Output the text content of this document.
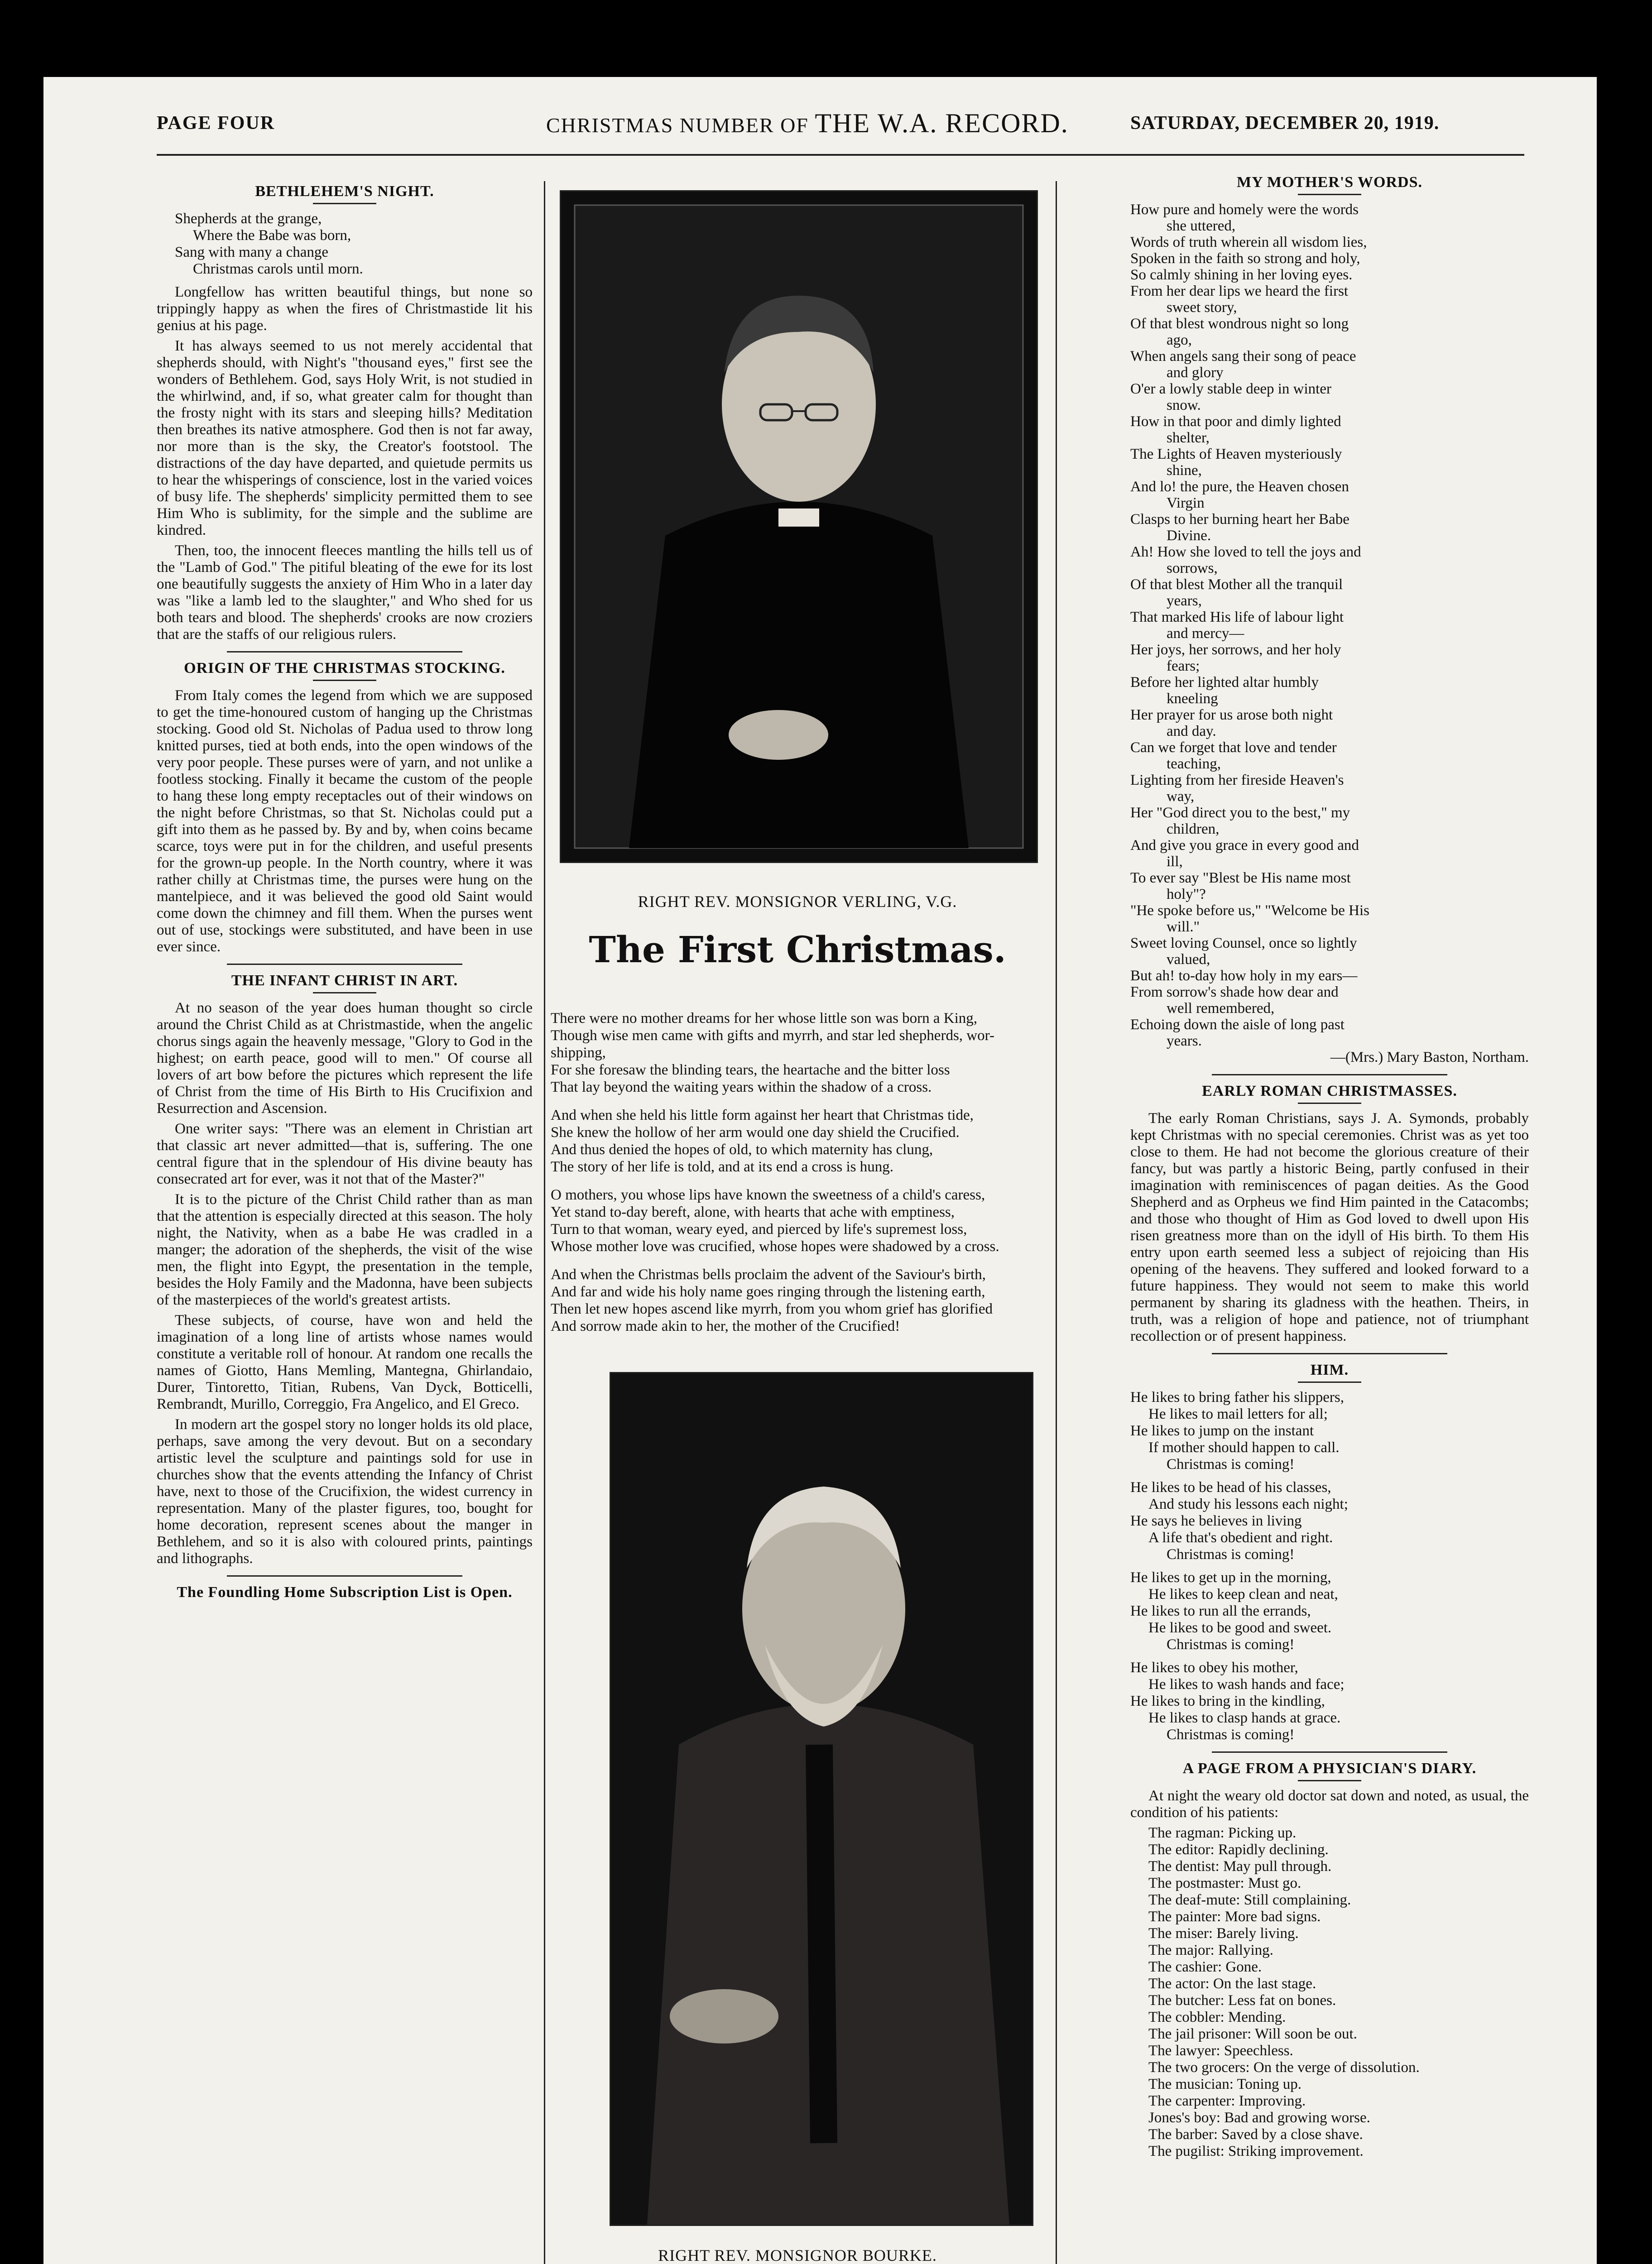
PAGE FOUR	CHRISTMAS NUMBER OF THE W.A. RECORD.	SATURDAY, DECEMBER 20, 1919.
BETHLEHEM'S NIGHT.
Shepherds at the grange,
Where the Babe was born,
Sang with many a change
Christmas carols until morn.

Longfellow has written beautiful things, but none so trippingly happy as when the fires of Christmastide lit his genius at his page.

It has always seemed to us not merely accidental that shepherds should, with Night's "thousand eyes," first see the wonders of Bethlehem. God, says Holy Writ, is not studied in the whirlwind, and, if so, what greater calm for thought than the frosty night with its stars and sleeping hills? Meditation then breathes its native atmosphere. God then is not far away, nor more than is the sky, the Creator's footstool. The distractions of the day have departed, and quietude permits us to hear the whisperings of conscience, lost in the varied voices of busy life. The shepherds' simplicity permitted them to see Him Who is sublimity, for the simple and the sublime are kindred.

Then, too, the innocent fleeces mantling the hills tell us of the "Lamb of God." The pitiful bleating of the ewe for its lost one beautifully suggests the anxiety of Him Who in a later day was "like a lamb led to the slaughter," and Who shed for us both tears and blood. The shepherds' crooks are now croziers that are the staffs of our religious rulers.

ORIGIN OF THE CHRISTMAS STOCKING.

From Italy comes the legend from which we are supposed to get the time-honoured custom of hanging up the Christmas stocking. Good old St. Nicholas of Padua used to throw long knitted purses, tied at both ends, into the open windows of the very poor people. These purses were of yarn, and not unlike a footless stocking. Finally it became the custom of the people to hang these long empty receptacles out of their windows on the night before Christmas, so that St. Nicholas could put a gift into them as he passed by. By and by, when coins became scarce, toys were put in for the children, and useful presents for the grown-up people. In the North country, where it was rather chilly at Christmas time, the purses were hung on the mantelpiece, and it was believed the good old Saint would come down the chimney and fill them. When the purses went out of use, stockings were substituted, and have been in use ever since.

THE INFANT CHRIST IN ART.

At no season of the year does human thought so circle around the Christ Child as at Christmastide, when the angelic chorus sings again the heavenly message, "Glory to God in the highest; on earth peace, good will to men." Of course all lovers of art bow before the pictures which represent the life of Christ from the time of His Birth to His Crucifixion and Resurrection and Ascension.

One writer says: "There was an element in Christian art that classic art never admitted—that is, suffering. The one central figure that in the splendour of His divine beauty has consecrated art for ever, was it not that of the Master?"

It is to the picture of the Christ Child rather than as man that the attention is especially directed at this season. The holy night, the Nativity, when as a babe He was cradled in a manger; the adoration of the shepherds, the visit of the wise men, the flight into Egypt, the presentation in the temple, besides the Holy Family and the Madonna, have been subjects of the masterpieces of the world's greatest artists.

These subjects, of course, have won and held the imagination of a long line of artists whose names would constitute a veritable roll of honour. At random one recalls the names of Giotto, Hans Memling, Mantegna, Ghirlandaio, Durer, Tintoretto, Titian, Rubens, Van Dyck, Botticelli, Rembrandt, Murillo, Correggio, Fra Angelico, and El Greco.

In modern art the gospel story no longer holds its old place, perhaps, save among the very devout. But on a secondary artistic level the sculpture and paintings sold for use in churches show that the events attending the Infancy of Christ have, next to those of the Crucifixion, the widest currency in representation. Many of the plaster figures, too, bought for home decoration, represent scenes about the manger in Bethlehem, and so it is also with coloured prints, paintings and lithographs.

The Foundling Home Subscription List is Open.
RIGHT REV. MONSIGNOR VERLING, V.G.
The First Christmas.
There were no mother dreams for her whose little son was born a King,
Though wise men came with gifts and myrrh, and star led shepherds, wor-
shipping,
For she foresaw the blinding tears, the heartache and the bitter loss
That lay beyond the waiting years within the shadow of a cross.
And when she held his little form against her heart that Christmas tide,
She knew the hollow of her arm would one day shield the Crucified.
And thus denied the hopes of old, to which maternity has clung,
The story of her life is told, and at its end a cross is hung.
O mothers, you whose lips have known the sweetness of a child's caress,
Yet stand to-day bereft, alone, with hearts that ache with emptiness,
Turn to that woman, weary eyed, and pierced by life's supremest loss,
Whose mother love was crucified, whose hopes were shadowed by a cross.
And when the Christmas bells proclaim the advent of the Saviour's birth,
And far and wide his holy name goes ringing through the listening earth,
Then let new hopes ascend like myrrh, from you whom grief has glorified
And sorrow made akin to her, the mother of the Crucified!
RIGHT REV. MONSIGNOR BOURKE.
MY MOTHER'S WORDS.
How pure and homely were the words
she uttered,
Words of truth wherein all wisdom lies,
Spoken in the faith so strong and holy,
So calmly shining in her loving eyes.
From her dear lips we heard the first
sweet story,
Of that blest wondrous night so long
ago,
When angels sang their song of peace
and glory
O'er a lowly stable deep in winter
snow.
How in that poor and dimly lighted
shelter,
The Lights of Heaven mysteriously
shine,
And lo! the pure, the Heaven chosen
Virgin
Clasps to her burning heart her Babe
Divine.
Ah! How she loved to tell the joys and
sorrows,
Of that blest Mother all the tranquil
years,
That marked His life of labour light
and mercy—
Her joys, her sorrows, and her holy
fears;
Before her lighted altar humbly
kneeling
Her prayer for us arose both night
and day.
Can we forget that love and tender
teaching,
Lighting from her fireside Heaven's
way,
Her "God direct you to the best," my
children,
And give you grace in every good and
ill,
To ever say "Blest be His name most
holy"?
"He spoke before us," "Welcome be His
will."
Sweet loving Counsel, once so lightly
valued,
But ah! to-day how holy in my ears—
From sorrow's shade how dear and
well remembered,
Echoing down the aisle of long past
years.
—(Mrs.) Mary Baston, Northam.
EARLY ROMAN CHRISTMASSES.

The early Roman Christians, says J. A. Symonds, probably kept Christmas with no special ceremonies. Christ was as yet too close to them. He had not become the glorious creature of their fancy, but was partly a historic Being, partly confused in their imagination with reminiscences of pagan deities. As the Good Shepherd and as Orpheus we find Him painted in the Catacombs; and those who thought of Him as God loved to dwell upon His risen greatness more than on the idyll of His birth. To them His entry upon earth seemed less a subject of rejoicing than His opening of the heavens. They suffered and looked forward to a future happiness. They would not seem to make this world permanent by sharing its gladness with the heathen. Theirs, in truth, was a religion of hope and patience, not of triumphant recollection or of present happiness.

HIM.
He likes to bring father his slippers,
He likes to mail letters for all;
He likes to jump on the instant
If mother should happen to call.
Christmas is coming!
He likes to be head of his classes,
And study his lessons each night;
He says he believes in living
A life that's obedient and right.
Christmas is coming!
He likes to get up in the morning,
He likes to keep clean and neat,
He likes to run all the errands,
He likes to be good and sweet.
Christmas is coming!
He likes to obey his mother,
He likes to wash hands and face;
He likes to bring in the kindling,
He likes to clasp hands at grace.
Christmas is coming!
A PAGE FROM A PHYSICIAN'S DIARY.

At night the weary old doctor sat down and noted, as usual, the condition of his patients:

The ragman: Picking up.
The editor: Rapidly declining.
The dentist: May pull through.
The postmaster: Must go.
The deaf-mute: Still complaining.
The painter: More bad signs.
The miser: Barely living.
The major: Rallying.
The cashier: Gone.
The actor: On the last stage.
The butcher: Less fat on bones.
The cobbler: Mending.
The jail prisoner: Will soon be out.
The lawyer: Speechless.
The two grocers: On the verge of dissolution.
The musician: Toning up.
The carpenter: Improving.
Jones's boy: Bad and growing worse.
The barber: Saved by a close shave.
The pugilist: Striking improvement.
